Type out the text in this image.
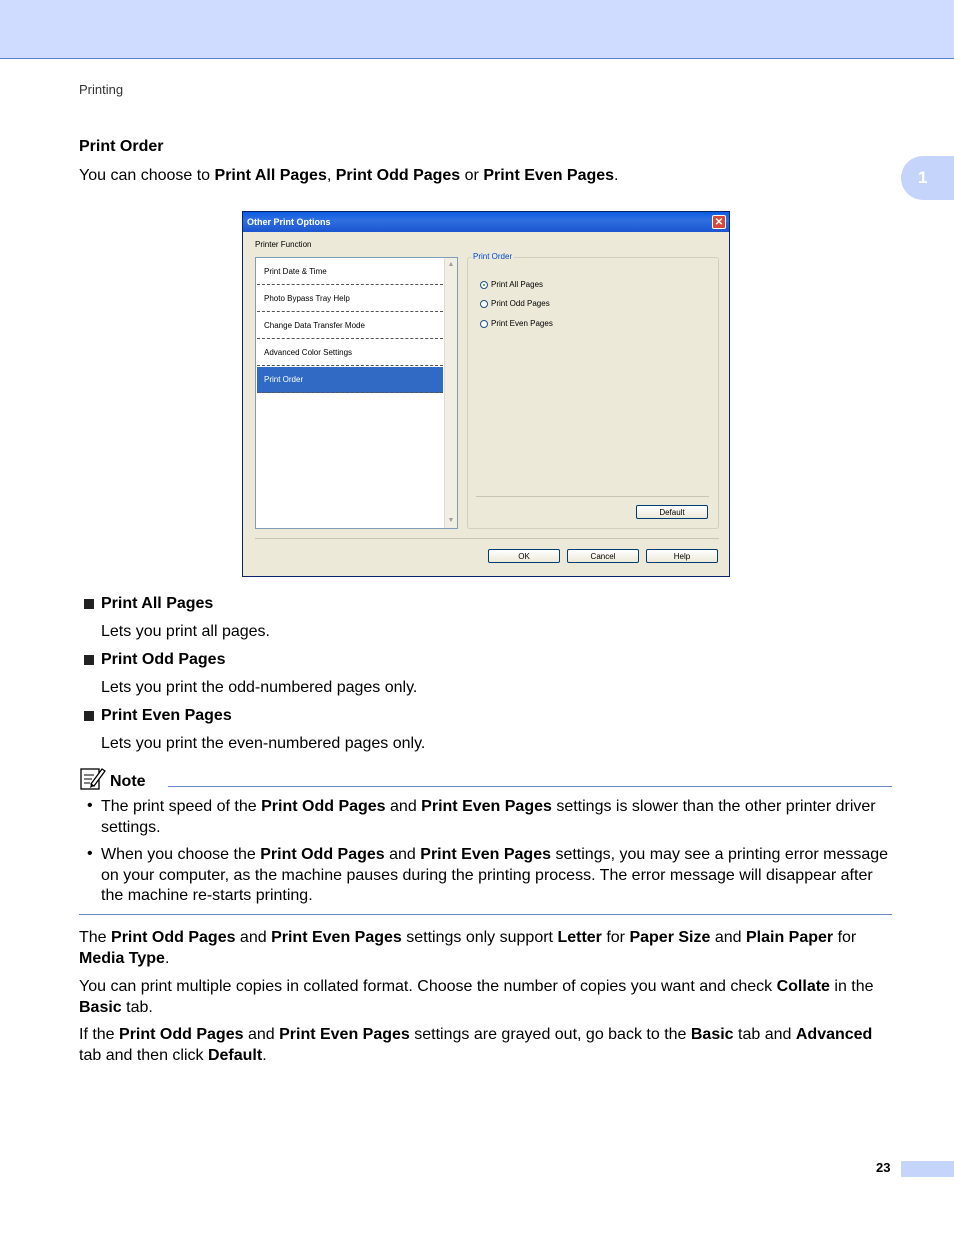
Printing
1
Print Order

You can choose to Print All Pages, Print Odd Pages or Print Even Pages.

Other Print Options	✕
Printer Function
Print Date & Time
Photo Bypass Tray Help
Change Data Transfer Mode
Advanced Color Settings
Print Order
▲
▼
Print Order
Print All Pages
Print Odd Pages
Print Even Pages
Default
OK	Cancel	Help
Print All Pages
Lets you print all pages.
Print Odd Pages
Lets you print the odd-numbered pages only.
Print Even Pages
Lets you print the even-numbered pages only.
Note
• The print speed of the Print Odd Pages and Print Even Pages settings is slower than the other printer driver settings.

• When you choose the Print Odd Pages and Print Even Pages settings, you may see a printing error message on your computer, as the machine pauses during the printing process. The error message will disappear after the machine re-starts printing.

The Print Odd Pages and Print Even Pages settings only support Letter for Paper Size and Plain Paper for Media Type.

You can print multiple copies in collated format. Choose the number of copies you want and check Collate in the Basic tab.

If the Print Odd Pages and Print Even Pages settings are grayed out, go back to the Basic tab and Advanced tab and then click Default.

23
